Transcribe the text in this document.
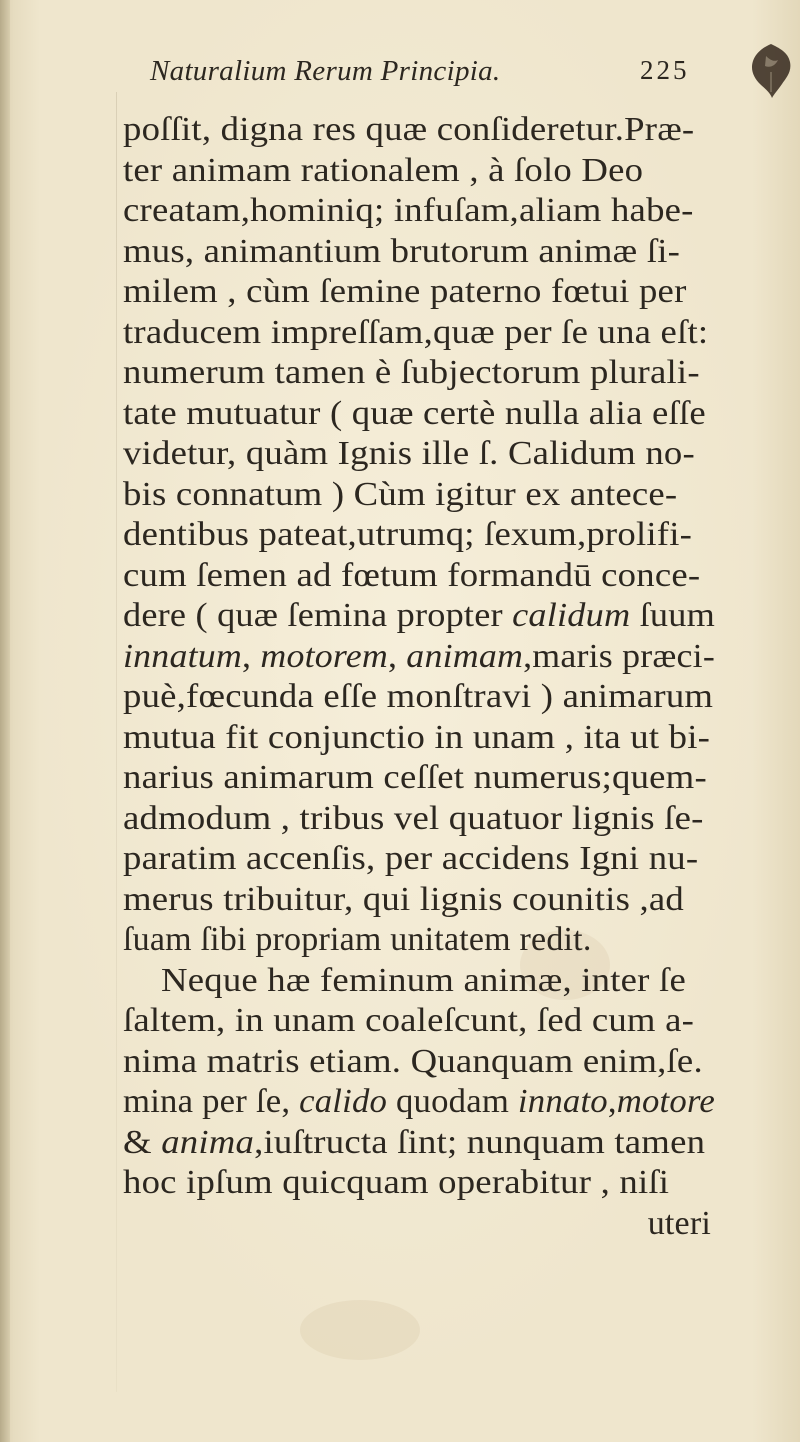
Naturalium Rerum Principia.	225
poſſit, digna res quæ conſideretur.Præ-
ter animam rationalem , à ſolo Deo
creatam,hominiq; infuſam,aliam habe-
mus, animantium brutorum animæ ſi-
milem , cùm ſemine paterno fœtui per
traducem impreſſam,quæ per ſe una eſt:
numerum tamen è ſubjectorum plurali-
tate mutuatur ( quæ certè nulla alia eſſe
videtur, quàm Ignis ille ſ. Calidum no-
bis connatum ) Cùm igitur ex antece-
dentibus pateat,utrumq; ſexum,prolifi-
cum ſemen ad fœtum formandū conce-
dere ( quæ ſemina propter calidum ſuum
innatum, motorem, animam,maris præci-
puè,fœcunda eſſe monſtravi ) animarum
mutua fit conjunctio in unam , ita ut bi-
narius animarum ceſſet numerus;quem-
admodum , tribus vel quatuor lignis ſe-
paratim accenſis, per accidens Igni nu-
merus tribuitur, qui lignis counitis ,ad
ſuam ſibi propriam unitatem redit.
Neque hæ feminum animæ, inter ſe
ſaltem, in unam coaleſcunt, ſed cum a-
nima matris etiam. Quanquam enim,ſe.
mina per ſe, calido quodam innato,motore
& anima,iuſtructa ſint; nunquam tamen
hoc ipſum quicquam operabitur , niſi
uteri
